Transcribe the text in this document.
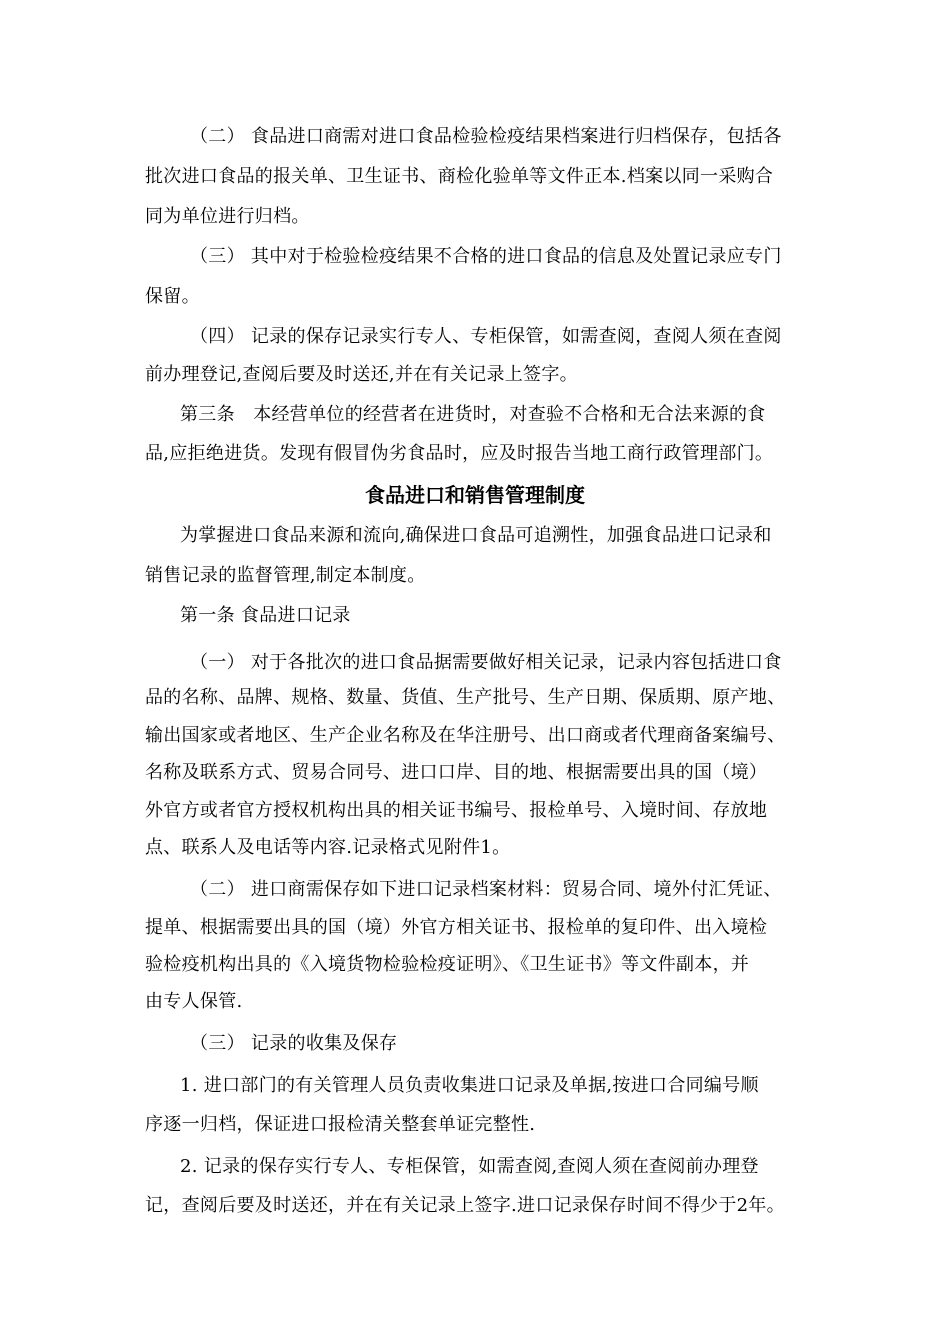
（二） 食品进口商需对进口食品检验检疫结果档案进行归档保存，包括各
批次进口食品的报关单、卫生证书、商检化验单等文件正本.档案以同一采购合
同为单位进行归档。
（三） 其中对于检验检疫结果不合格的进口食品的信息及处置记录应专门
保留。
（四） 记录的保存记录实行专人、专柜保管，如需查阅，查阅人须在查阅
前办理登记,查阅后要及时送还,并在有关记录上签字。
第三条　本经营单位的经营者在进货时，对查验不合格和无合法来源的食
品,应拒绝进货。发现有假冒伪劣食品时，应及时报告当地工商行政管理部门。
食品进口和销售管理制度
为掌握进口食品来源和流向,确保进口食品可追溯性，加强食品进口记录和
销售记录的监督管理,制定本制度。
第一条 食品进口记录
（一） 对于各批次的进口食品据需要做好相关记录，记录内容包括进口食
品的名称、品牌、规格、数量、货值、生产批号、生产日期、保质期、原产地、
输出国家或者地区、生产企业名称及在华注册号、出口商或者代理商备案编号、
名称及联系方式、贸易合同号、进口口岸、目的地、根据需要出具的国（境）
外官方或者官方授权机构出具的相关证书编号、报检单号、入境时间、存放地
点、联系人及电话等内容.记录格式见附件1。
（二） 进口商需保存如下进口记录档案材料：贸易合同、境外付汇凭证、
提单、根据需要出具的国（境）外官方相关证书、报检单的复印件、出入境检
验检疫机构出具的《入境货物检验检疫证明》、《卫生证书》等文件副本，并
由专人保管.
（三） 记录的收集及保存
1. 进口部门的有关管理人员负责收集进口记录及单据,按进口合同编号顺
序逐一归档，保证进口报检清关整套单证完整性.
2. 记录的保存实行专人、专柜保管，如需查阅,查阅人须在查阅前办理登
记，查阅后要及时送还，并在有关记录上签字.进口记录保存时间不得少于2年。
